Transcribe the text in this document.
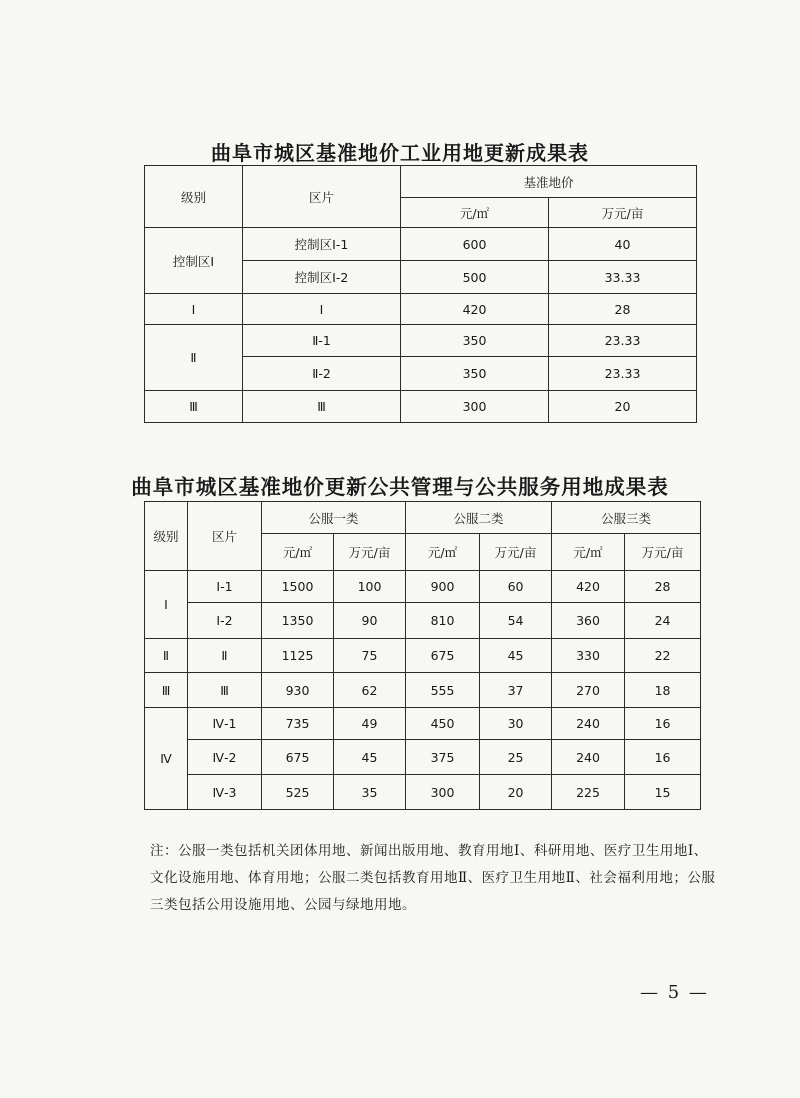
曲阜市城区基准地价工业用地更新成果表
级别	区片	基准地价	
		元/㎡	万元/亩
控制区Ⅰ	控制区Ⅰ-1	600	40
	控制区Ⅰ-2	500	33.33
Ⅰ	Ⅰ	420	28
Ⅱ	Ⅱ-1	350	23.33
	Ⅱ-2	350	23.33
Ⅲ	Ⅲ	300	20
曲阜市城区基准地价更新公共管理与公共服务用地成果表
级别	区片	公服一类		公服二类		公服三类	
		元/㎡	万元/亩	元/㎡	万元/亩	元/㎡	万元/亩
Ⅰ	Ⅰ-1	1500	100	900	60	420	28
	Ⅰ-2	1350	90	810	54	360	24
Ⅱ	Ⅱ	1125	75	675	45	330	22
Ⅲ	Ⅲ	930	62	555	37	270	18
Ⅳ	Ⅳ-1	735	49	450	30	240	16
	Ⅳ-2	675	45	375	25	240	16
	Ⅳ-3	525	35	300	20	225	15
注：公服一类包括机关团体用地、新闻出版用地、教育用地Ⅰ、科研用地、医疗卫生用地Ⅰ、文化设施用地、体育用地；公服二类包括教育用地Ⅱ、医疗卫生用地Ⅱ、社会福利用地；公服三类包括公用设施用地、公园与绿地用地。
— 5 —
